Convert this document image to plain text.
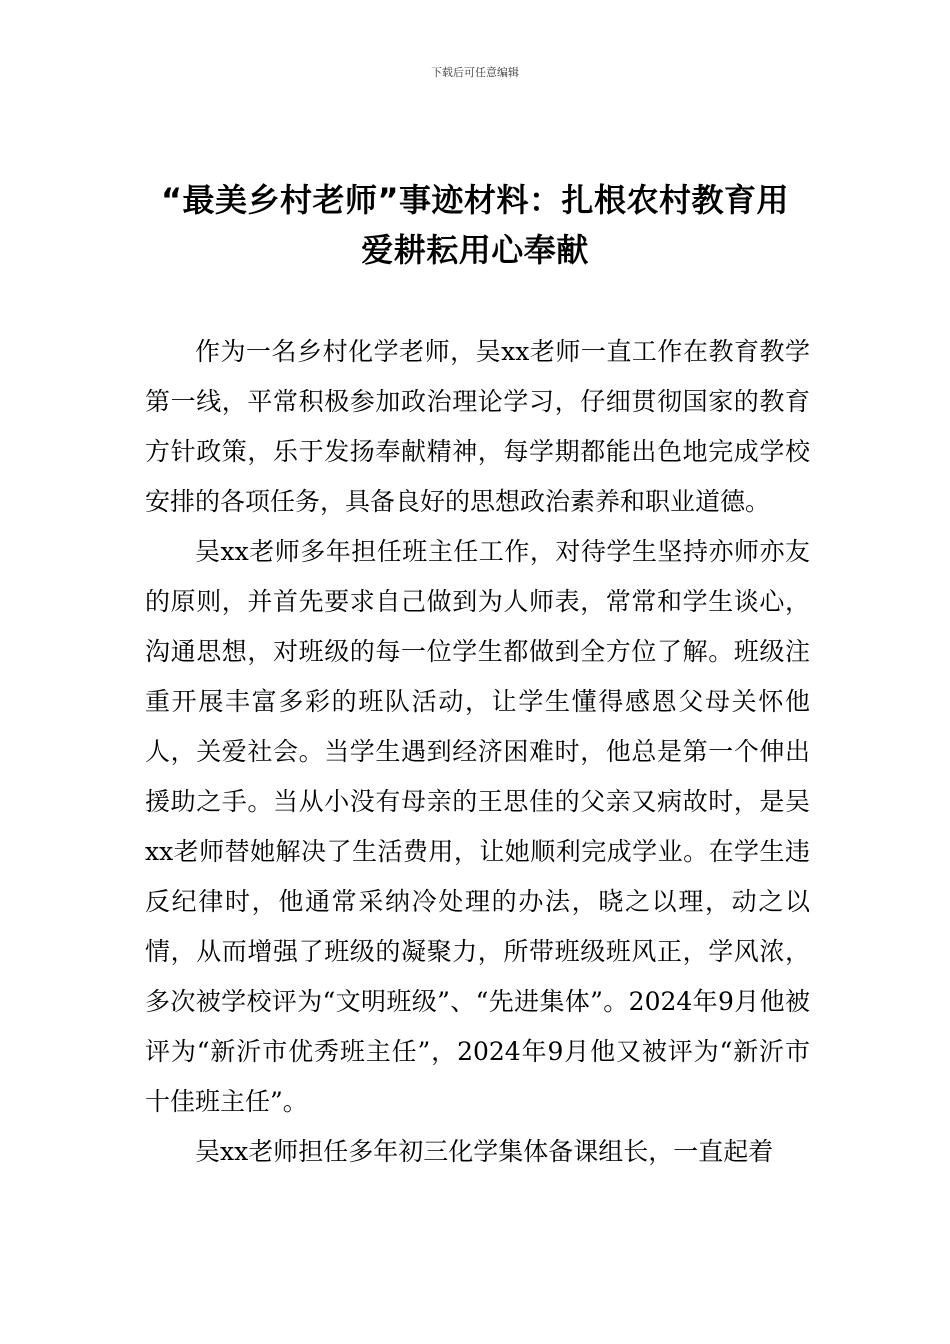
下载后可任意编辑
“最美乡村老师”事迹材料：扎根农村教育用爱耕耘用心奉献

作为一名乡村化学老师，吴xx老师一直工作在教育教学第一线，平常积极参加政治理论学习，仔细贯彻国家的教育方针政策，乐于发扬奉献精神，每学期都能出色地完成学校安排的各项任务，具备良好的思想政治素养和职业道德。

吴xx老师多年担任班主任工作，对待学生坚持亦师亦友的原则，并首先要求自己做到为人师表，常常和学生谈心，沟通思想，对班级的每一位学生都做到全方位了解。班级注重开展丰富多彩的班队活动，让学生懂得感恩父母关怀他人，关爱社会。当学生遇到经济困难时，他总是第一个伸出援助之手。当从小没有母亲的王思佳的父亲又病故时，是吴xx老师替她解决了生活费用，让她顺利完成学业。在学生违反纪律时，他通常采纳冷处理的办法，晓之以理，动之以情，从而增强了班级的凝聚力，所带班级班风正，学风浓，多次被学校评为“文明班级”、“先进集体”。2024年9月他被评为“新沂市优秀班主任”，2024年9月他又被评为“新沂市十佳班主任”。

吴xx老师担任多年初三化学集体备课组长，一直起着
